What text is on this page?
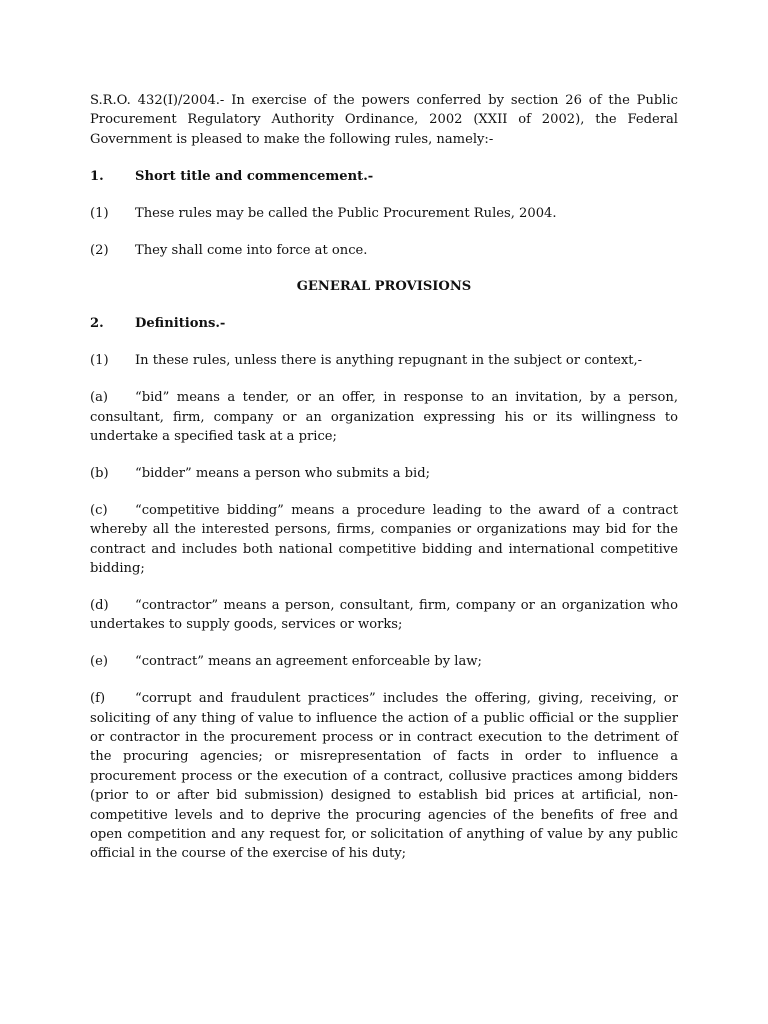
S.R.O. 432(I)/2004.- In exercise of the powers conferred by section 26 of the Public Procurement Regulatory Authority Ordinance, 2002 (XXII of 2002), the Federal Government is pleased to make the following rules, namely:-

1.	Short title and commencement.-
(1)	These rules may be called the Public Procurement Rules, 2004.
(2)	They shall come into force at once.
GENERAL PROVISIONS
2.	Definitions.-
(1)	In these rules, unless there is anything repugnant in the subject or context,-

(a) “bid” means a tender, or an offer, in response to an invitation, by a person, consultant, firm, company or an organization expressing his or its willingness to undertake a specified task at a price;

(b) “bidder” means a person who submits a bid;

(c) “competitive bidding” means a procedure leading to the award of a contract whereby all the interested persons, firms, companies or organizations may bid for the contract and includes both national competitive bidding and international competitive bidding;

(d) “contractor” means a person, consultant, firm, company or an organization who undertakes to supply goods, services or works;

(e) “contract” means an agreement enforceable by law;

(f) “corrupt and fraudulent practices” includes the offering, giving, receiving, or soliciting of any thing of value to influence the action of a public official or the supplier or contractor in the procurement process or in contract execution to the detriment of the procuring agencies; or misrepresentation of facts in order to influence a procurement process or the execution of a contract, collusive practices among bidders (prior to or after bid submission) designed to establish bid prices at artificial, non-competitive levels and to deprive the procuring agencies of the benefits of free and open competition and any request for, or solicitation of anything of value by any public official in the course of the exercise of his duty;
